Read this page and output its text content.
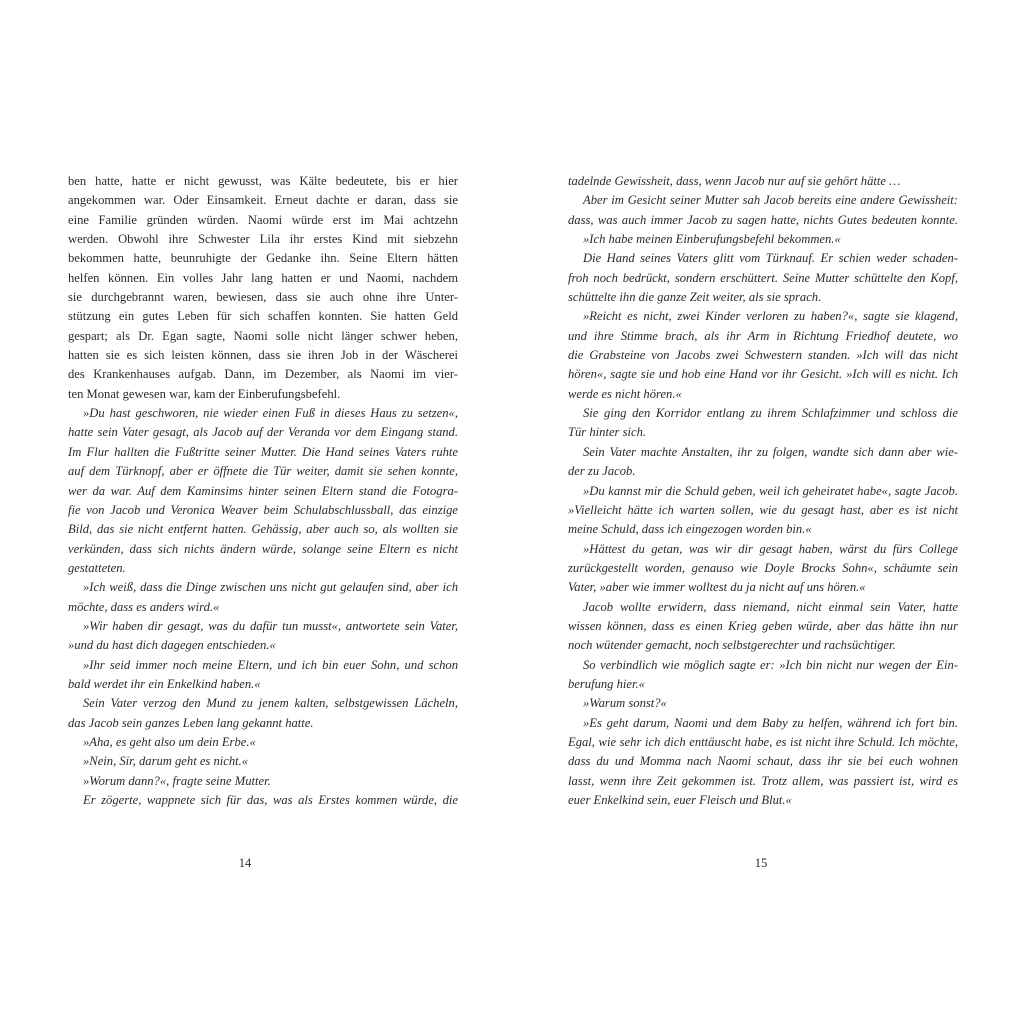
ben hatte, hatte er nicht gewusst, was Kälte bedeutete, bis er hier
angekommen war. Oder Einsamkeit. Erneut dachte er daran, dass sie
eine Familie gründen würden. Naomi würde erst im Mai achtzehn
werden. Obwohl ihre Schwester Lila ihr erstes Kind mit siebzehn
bekommen hatte, beunruhigte der Gedanke ihn. Seine Eltern hätten
helfen können. Ein volles Jahr lang hatten er und Naomi, nachdem
sie durchgebrannt waren, bewiesen, dass sie auch ohne ihre Unter-
stützung ein gutes Leben für sich schaffen konnten. Sie hatten Geld
gespart; als Dr. Egan sagte, Naomi solle nicht länger schwer heben,
hatten sie es sich leisten können, dass sie ihren Job in der Wäscherei
des Krankenhauses aufgab. Dann, im Dezember, als Naomi im vier-
ten Monat gewesen war, kam der Einberufungsbefehl.
»Du hast geschworen, nie wieder einen Fuß in dieses Haus zu setzen«,
hatte sein Vater gesagt, als Jacob auf der Veranda vor dem Eingang stand.
Im Flur hallten die Fußtritte seiner Mutter. Die Hand seines Vaters ruhte
auf dem Türknopf, aber er öffnete die Tür weiter, damit sie sehen konnte,
wer da war. Auf dem Kaminsims hinter seinen Eltern stand die Fotogra-
fie von Jacob und Veronica Weaver beim Schulabschlussball, das einzige
Bild, das sie nicht entfernt hatten. Gehässig, aber auch so, als wollten sie
verkünden, dass sich nichts ändern würde, solange seine Eltern es nicht
gestatteten.
»Ich weiß, dass die Dinge zwischen uns nicht gut gelaufen sind, aber ich
möchte, dass es anders wird.«
»Wir haben dir gesagt, was du dafür tun musst«, antwortete sein Vater,
»und du hast dich dagegen entschieden.«
»Ihr seid immer noch meine Eltern, und ich bin euer Sohn, und schon
bald werdet ihr ein Enkelkind haben.«
Sein Vater verzog den Mund zu jenem kalten, selbstgewissen Lächeln,
das Jacob sein ganzes Leben lang gekannt hatte.
»Aha, es geht also um dein Erbe.«
»Nein, Sir, darum geht es nicht.«
»Worum dann?«, fragte seine Mutter.
Er zögerte, wappnete sich für das, was als Erstes kommen würde, die
14
tadelnde Gewissheit, dass, wenn Jacob nur auf sie gehört hätte …
Aber im Gesicht seiner Mutter sah Jacob bereits eine andere Gewissheit:
dass, was auch immer Jacob zu sagen hatte, nichts Gutes bedeuten konnte.
»Ich habe meinen Einberufungsbefehl bekommen.«
Die Hand seines Vaters glitt vom Türknauf. Er schien weder schaden-
froh noch bedrückt, sondern erschüttert. Seine Mutter schüttelte den Kopf,
schüttelte ihn die ganze Zeit weiter, als sie sprach.
»Reicht es nicht, zwei Kinder verloren zu haben?«, sagte sie klagend,
und ihre Stimme brach, als ihr Arm in Richtung Friedhof deutete, wo
die Grabsteine von Jacobs zwei Schwestern standen. »Ich will das nicht
hören«, sagte sie und hob eine Hand vor ihr Gesicht. »Ich will es nicht. Ich
werde es nicht hören.«
Sie ging den Korridor entlang zu ihrem Schlafzimmer und schloss die
Tür hinter sich.
Sein Vater machte Anstalten, ihr zu folgen, wandte sich dann aber wie-
der zu Jacob.
»Du kannst mir die Schuld geben, weil ich geheiratet habe«, sagte Jacob.
»Vielleicht hätte ich warten sollen, wie du gesagt hast, aber es ist nicht
meine Schuld, dass ich eingezogen worden bin.«
»Hättest du getan, was wir dir gesagt haben, wärst du fürs College
zurückgestellt worden, genauso wie Doyle Brocks Sohn«, schäumte sein
Vater, »aber wie immer wolltest du ja nicht auf uns hören.«
Jacob wollte erwidern, dass niemand, nicht einmal sein Vater, hatte
wissen können, dass es einen Krieg geben würde, aber das hätte ihn nur
noch wütender gemacht, noch selbstgerechter und rachsüchtiger.
So verbindlich wie möglich sagte er: »Ich bin nicht nur wegen der Ein-
berufung hier.«
»Warum sonst?«
»Es geht darum, Naomi und dem Baby zu helfen, während ich fort bin.
Egal, wie sehr ich dich enttäuscht habe, es ist nicht ihre Schuld. Ich möchte,
dass du und Momma nach Naomi schaut, dass ihr sie bei euch wohnen
lasst, wenn ihre Zeit gekommen ist. Trotz allem, was passiert ist, wird es
euer Enkelkind sein, euer Fleisch und Blut.«
15
